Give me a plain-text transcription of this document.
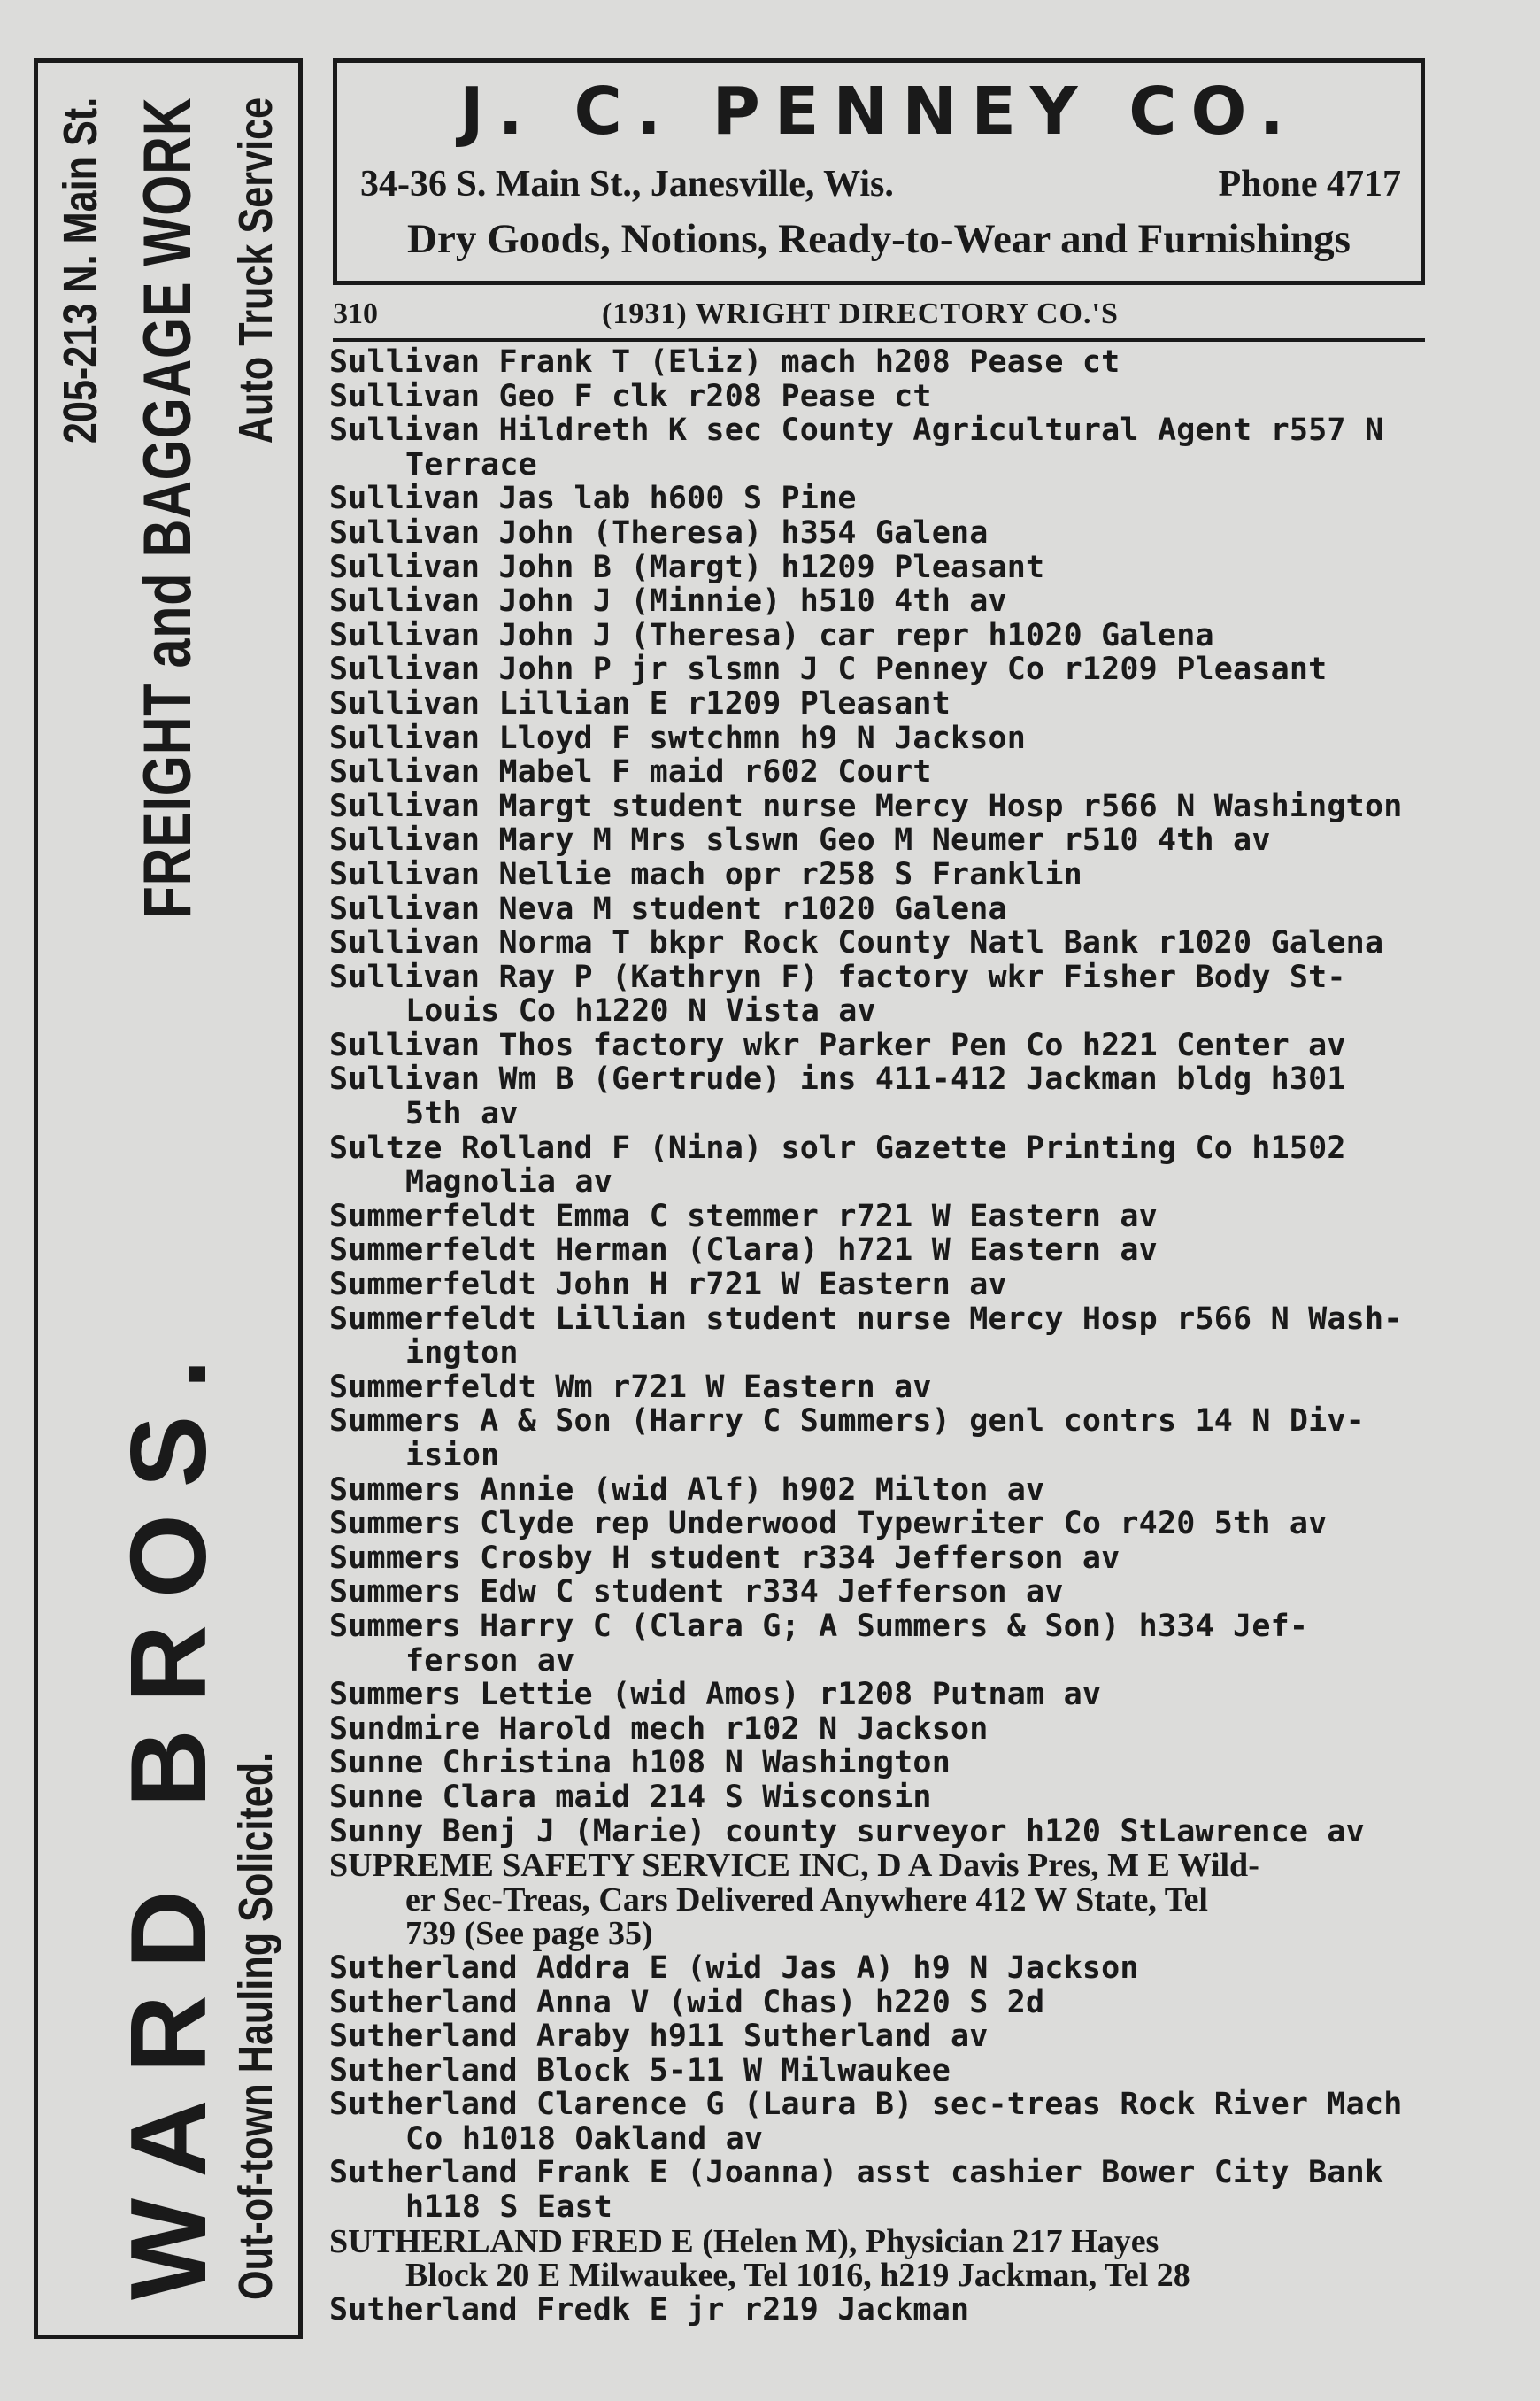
205-213 N. Main St.
WARD BROS.
FREIGHT and BAGGAGE WORK
Out-of-town Hauling Solicited.
Auto Truck Service	J. C. PENNEY CO.
34-36 S. Main St., Janesville, Wis.	Phone 4717
Dry Goods, Notions, Ready-to-Wear and Furnishings
310	(1931) WRIGHT DIRECTORY CO.'S
Sullivan Frank T (Eliz) mach h208 Pease ct
Sullivan Geo F clk r208 Pease ct
Sullivan Hildreth K sec County Agricultural Agent r557 N
Terrace
Sullivan Jas lab h600 S Pine
Sullivan John (Theresa) h354 Galena
Sullivan John B (Margt) h1209 Pleasant
Sullivan John J (Minnie) h510 4th av
Sullivan John J (Theresa) car repr h1020 Galena
Sullivan John P jr slsmn J C Penney Co r1209 Pleasant
Sullivan Lillian E r1209 Pleasant
Sullivan Lloyd F swtchmn h9 N Jackson
Sullivan Mabel F maid r602 Court
Sullivan Margt student nurse Mercy Hosp r566 N Washington
Sullivan Mary M Mrs slswn Geo M Neumer r510 4th av
Sullivan Nellie mach opr r258 S Franklin
Sullivan Neva M student r1020 Galena
Sullivan Norma T bkpr Rock County Natl Bank r1020 Galena
Sullivan Ray P (Kathryn F) factory wkr Fisher Body St-
Louis Co h1220 N Vista av
Sullivan Thos factory wkr Parker Pen Co h221 Center av
Sullivan Wm B (Gertrude) ins 411-412 Jackman bldg h301
5th av
Sultze Rolland F (Nina) solr Gazette Printing Co h1502
Magnolia av
Summerfeldt Emma C stemmer r721 W Eastern av
Summerfeldt Herman (Clara) h721 W Eastern av
Summerfeldt John H r721 W Eastern av
Summerfeldt Lillian student nurse Mercy Hosp r566 N Wash-
ington
Summerfeldt Wm r721 W Eastern av
Summers A & Son (Harry C Summers) genl contrs 14 N Div-
ision
Summers Annie (wid Alf) h902 Milton av
Summers Clyde rep Underwood Typewriter Co r420 5th av
Summers Crosby H student r334 Jefferson av
Summers Edw C student r334 Jefferson av
Summers Harry C (Clara G; A Summers & Son) h334 Jef-
ferson av
Summers Lettie (wid Amos) r1208 Putnam av
Sundmire Harold mech r102 N Jackson
Sunne Christina h108 N Washington
Sunne Clara maid 214 S Wisconsin
Sunny Benj J (Marie) county surveyor h120 StLawrence av
SUPREME SAFETY SERVICE INC, D A Davis Pres, M E Wild-
er Sec-Treas, Cars Delivered Anywhere 412 W State, Tel
739 (See page 35)
Sutherland Addra E (wid Jas A) h9 N Jackson
Sutherland Anna V (wid Chas) h220 S 2d
Sutherland Araby h911 Sutherland av
Sutherland Block 5-11 W Milwaukee
Sutherland Clarence G (Laura B) sec-treas Rock River Mach
Co h1018 Oakland av
Sutherland Frank E (Joanna) asst cashier Bower City Bank
h118 S East
SUTHERLAND FRED E (Helen M), Physician 217 Hayes
Block 20 E Milwaukee, Tel 1016, h219 Jackman, Tel 28
Sutherland Fredk E jr r219 Jackman
